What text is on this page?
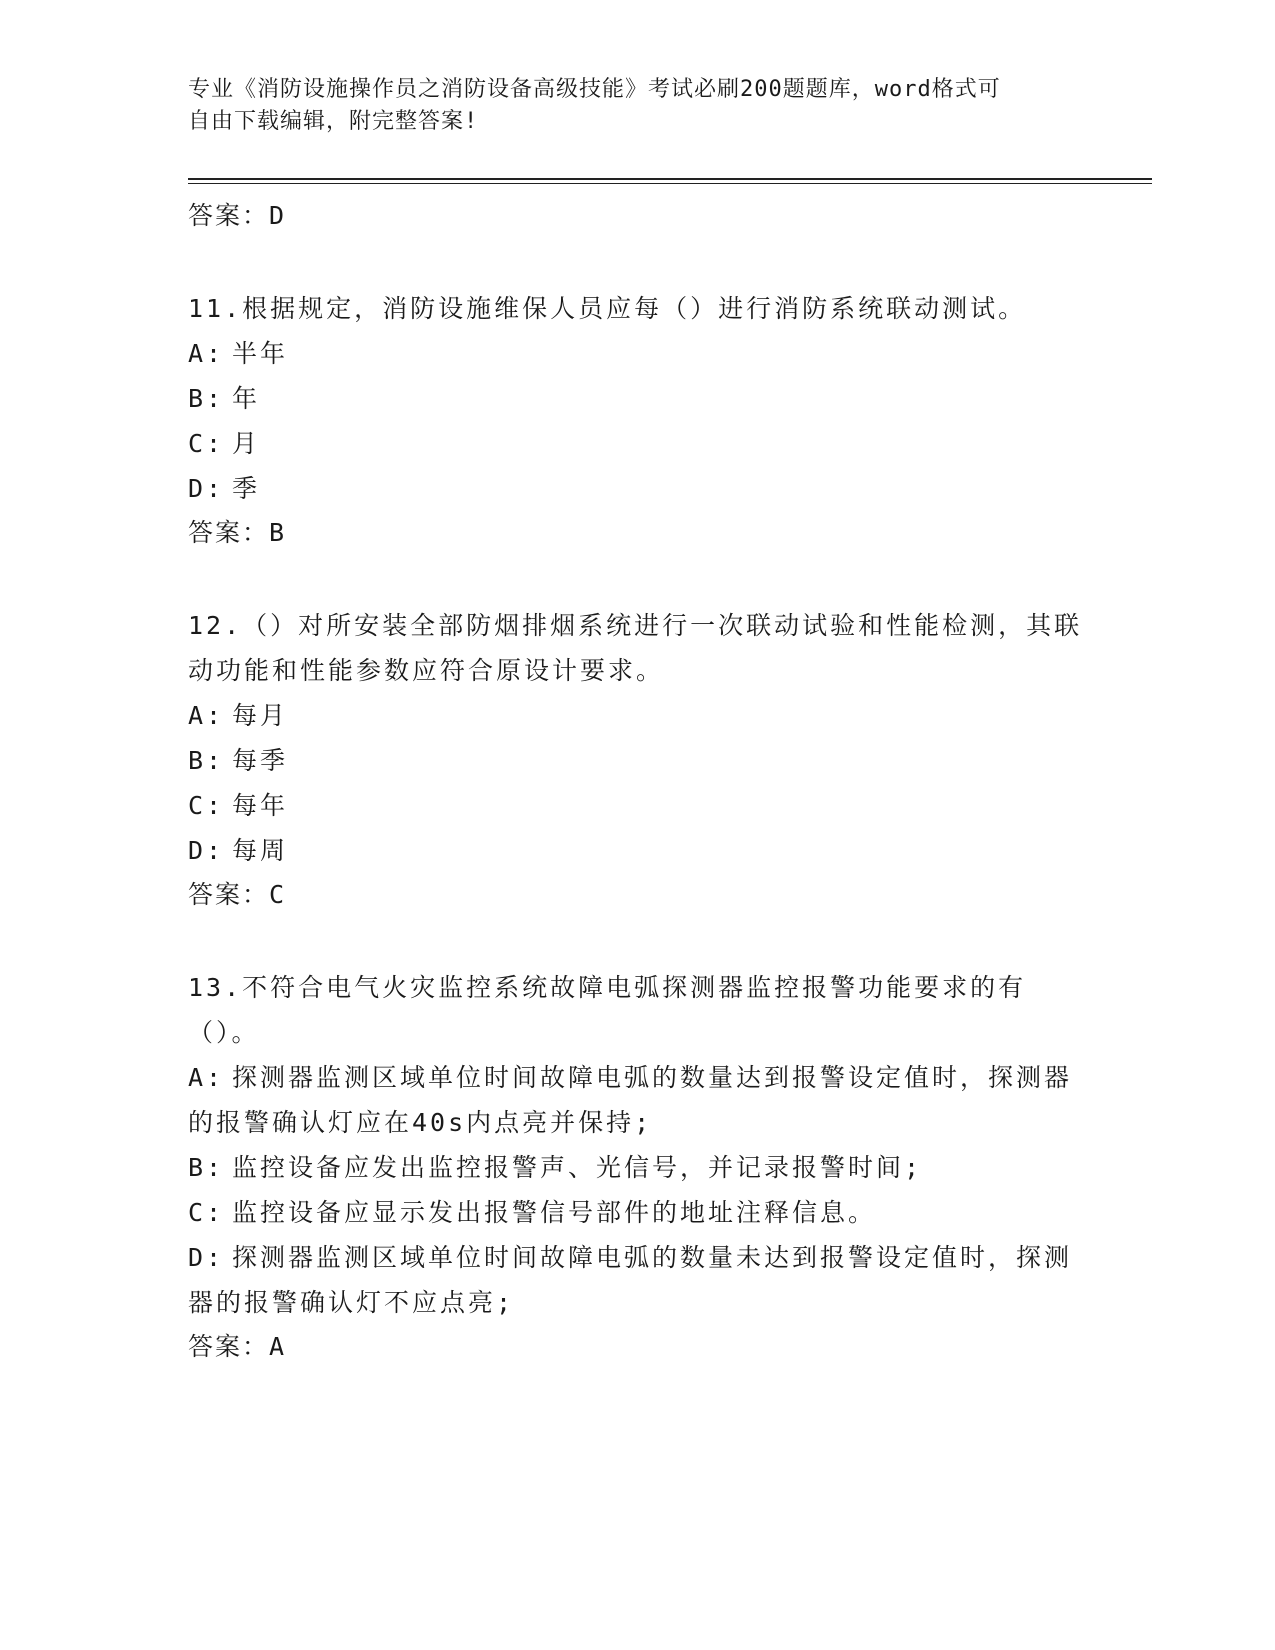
专业《消防设施操作员之消防设备高级技能》考试必刷200题题库，word格式可
自由下载编辑，附完整答案!
答案：D
11.根据规定，消防设施维保人员应每（）进行消防系统联动测试。
A: 半年
B: 年
C: 月
D: 季
答案：B
12.（）对所安装全部防烟排烟系统进行一次联动试验和性能检测，其联动功能和性能参数应符合原设计要求。
A: 每月
B: 每季
C: 每年
D: 每周
答案：C
13.不符合电气火灾监控系统故障电弧探测器监控报警功能要求的有（）。
A: 探测器监测区域单位时间故障电弧的数量达到报警设定值时，探测器的报警确认灯应在40s内点亮并保持;
B: 监控设备应发出监控报警声、光信号，并记录报警时间;
C: 监控设备应显示发出报警信号部件的地址注释信息。
D: 探测器监测区域单位时间故障电弧的数量未达到报警设定值时，探测器的报警确认灯不应点亮;
答案：A
